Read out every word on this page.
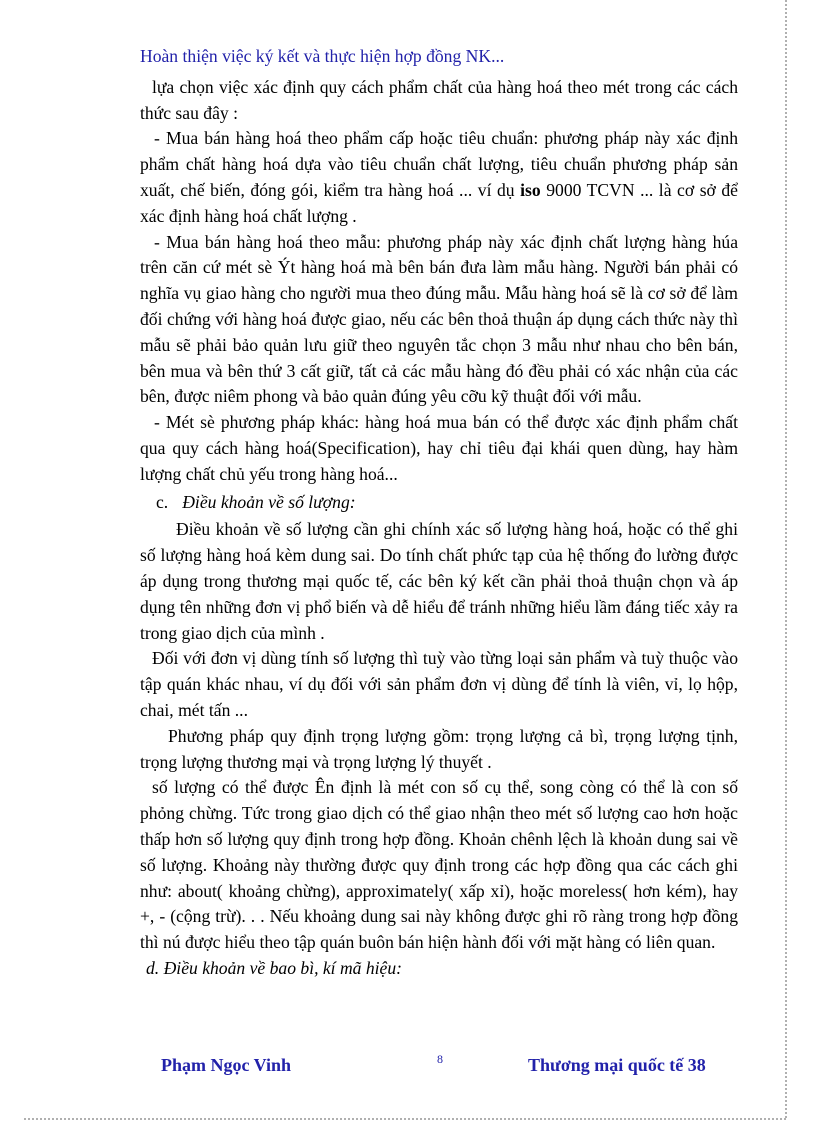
Hoàn thiện việc ký kết và thực hiện hợp đồng NK...

lựa chọn việc xác định quy cách phẩm chất của hàng hoá theo mét trong các cách thức sau đây :

- Mua bán hàng hoá theo phẩm cấp hoặc tiêu chuẩn: phương pháp này xác định phẩm chất hàng hoá dựa vào tiêu chuẩn chất lượng, tiêu chuẩn phương pháp sản xuất, chế biến, đóng gói, kiểm tra hàng hoá ... ví dụ iso 9000 TCVN ... là cơ sở để xác định hàng hoá chất lượng .

- Mua bán hàng hoá theo mẫu: phương pháp này xác định chất lượng hàng húa trên căn cứ mét sè Ýt hàng hoá mà bên bán đưa làm mẫu hàng. Người bán phải có nghĩa vụ giao hàng cho người mua theo đúng mẫu. Mẫu hàng hoá sẽ là cơ sở để làm đối chứng với hàng hoá được giao, nếu các bên thoả thuận áp dụng cách thức này thì mẫu sẽ phải bảo quản lưu giữ theo nguyên tắc chọn 3 mẫu như nhau cho bên bán, bên mua và bên thứ 3 cất giữ, tất cả các mẫu hàng đó đều phải có xác nhận của các bên, được niêm phong và bảo quản đúng yêu cỡu kỹ thuật đối với mẫu.

- Mét sè phương pháp khác: hàng hoá mua bán có thể được xác định phẩm chất qua quy cách hàng hoá(Specification), hay chỉ tiêu đại khái quen dùng, hay hàm lượng chất chủ yếu trong hàng hoá...

c. Điều khoản về số lượng:

Điều khoản về số lượng cần ghi chính xác số lượng hàng hoá, hoặc có thể ghi số lượng hàng hoá kèm dung sai. Do tính chất phức tạp của hệ thống đo lường được áp dụng trong thương mại quốc tế, các bên ký kết cần phải thoả thuận chọn và áp dụng tên những đơn vị phổ biến và dễ hiểu để tránh những hiểu lầm đáng tiếc xảy ra trong giao dịch của mình .

Đối với đơn vị dùng tính số lượng thì tuỳ vào từng loại sản phẩm và tuỳ thuộc vào tập quán khác nhau, ví dụ đối với sản phẩm đơn vị dùng để tính là viên, vỉ, lọ hộp, chai, mét tấn ...

Phương pháp quy định trọng lượng gồm: trọng lượng cả bì, trọng lượng tịnh, trọng lượng thương mại và trọng lượng lý thuyết .

số lượng có thể được Ên định là mét con số cụ thể, song còng có thể là con số phỏng chừng. Tức trong giao dịch có thể giao nhận theo mét số lượng cao hơn hoặc thấp hơn số lượng quy định trong hợp đồng. Khoản chênh lệch là khoản dung sai về số lượng. Khoảng này thường được quy định trong các hợp đồng qua các cách ghi như: about( khoảng chừng), approximately( xấp xỉ), hoặc moreless( hơn kém), hay +, - (cộng trừ). . . Nếu khoảng dung sai này không được ghi rõ ràng trong hợp đồng thì nú được hiểu theo tập quán buôn bán hiện hành đối với mặt hàng có liên quan.

d. Điều khoản về bao bì, kí mã hiệu:
Phạm Ngọc Vinh	8	Thương mại quốc tế 38
